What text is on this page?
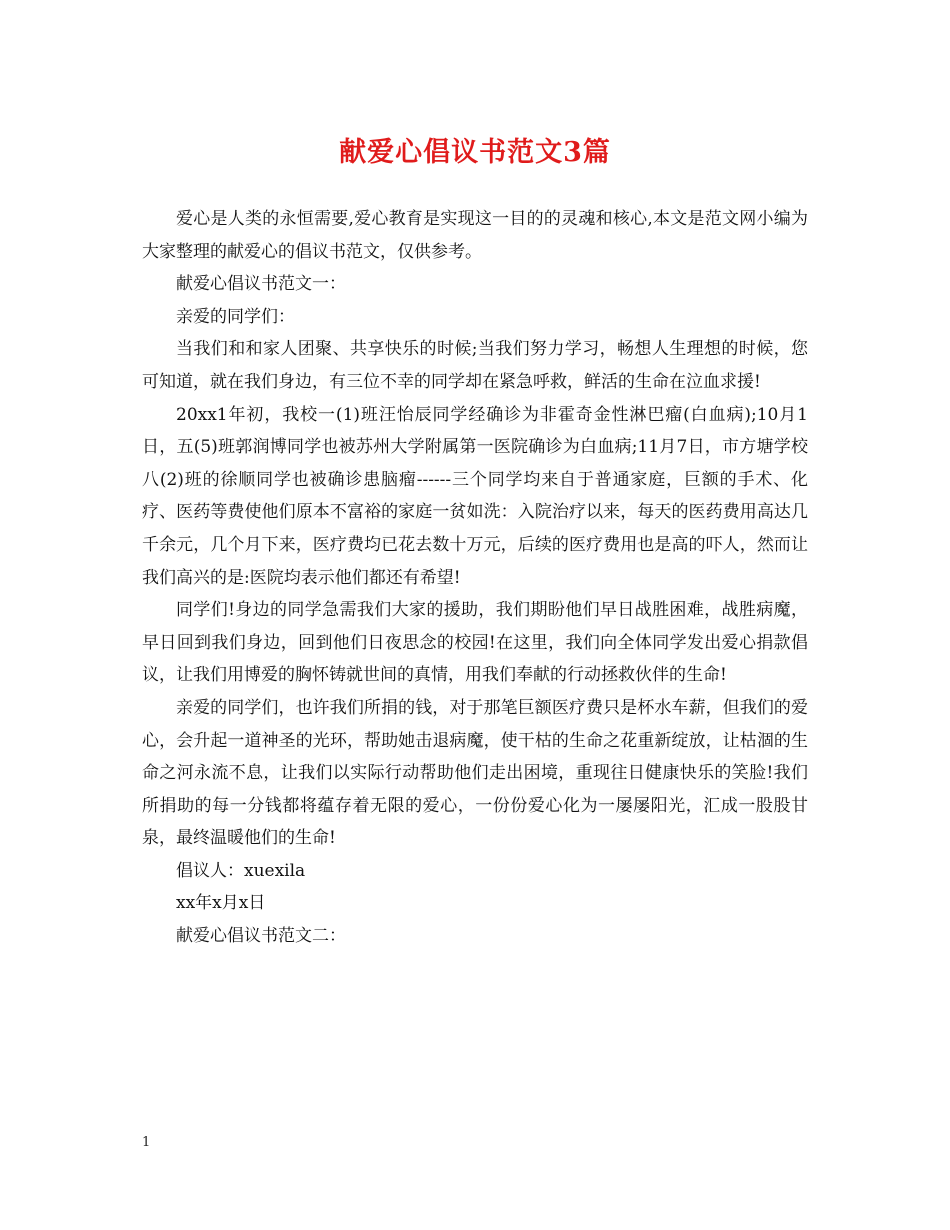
献爱心倡议书范文3篇

爱心是人类的永恒需要,爱心教育是实现这一目的的灵魂和核心,本文是范文网小编为大家整理的献爱心的倡议书范文，仅供参考。

献爱心倡议书范文一：

亲爱的同学们：

当我们和和家人团聚、共享快乐的时候;当我们努力学习，畅想人生理想的时候，您可知道，就在我们身边，有三位不幸的同学却在紧急呼救，鲜活的生命在泣血求援!

20xx1年初，我校一(1)班汪怡辰同学经确诊为非霍奇金性淋巴瘤(白血病);10月1日，五(5)班郭润博同学也被苏州大学附属第一医院确诊为白血病;11月7日，市方塘学校八(2)班的徐顺同学也被确诊患脑瘤------三个同学均来自于普通家庭，巨额的手术、化疗、医药等费使他们原本不富裕的家庭一贫如洗：入院治疗以来，每天的医药费用高达几千余元，几个月下来，医疗费均已花去数十万元，后续的医疗费用也是高的吓人，然而让我们高兴的是:医院均表示他们都还有希望!

同学们!身边的同学急需我们大家的援助，我们期盼他们早日战胜困难，战胜病魔，早日回到我们身边，回到他们日夜思念的校园!在这里，我们向全体同学发出爱心捐款倡议，让我们用博爱的胸怀铸就世间的真情，用我们奉献的行动拯救伙伴的生命!

亲爱的同学们，也许我们所捐的钱，对于那笔巨额医疗费只是杯水车薪，但我们的爱心，会升起一道神圣的光环，帮助她击退病魔，使干枯的生命之花重新绽放，让枯涸的生命之河永流不息，让我们以实际行动帮助他们走出困境，重现往日健康快乐的笑脸!我们所捐助的每一分钱都将蕴存着无限的爱心，一份份爱心化为一屡屡阳光，汇成一股股甘泉，最终温暖他们的生命!

倡议人：xuexila

xx年x月x日

献爱心倡议书范文二：

1
